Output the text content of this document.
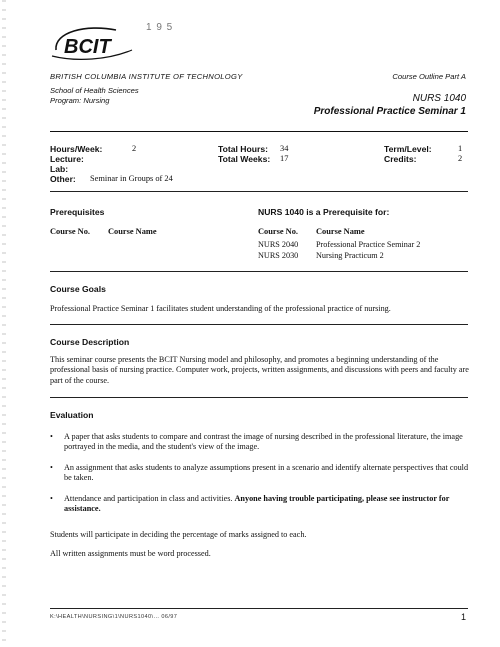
1 9 5
BCIT
BRITISH COLUMBIA INSTITUTE OF TECHNOLOGY
School of Health Sciences
Program: Nursing
Course Outline Part A
NURS 1040
Professional Practice Seminar 1
Hours/Week:	2
Lecture:
Lab:
Other: Seminar in Groups of 24
Total Hours: 34
Total Weeks: 17
Term/Level:	1
Credits:	2
Prerequisites
Course No. Course Name
NURS 1040 is a Prerequisite for:
Course No. Course Name
NURS 2040 Professional Practice Seminar 2
NURS 2030 Nursing Practicum 2
Course Goals
Professional Practice Seminar 1 facilitates student understanding of the professional practice of nursing.
Course Description
This seminar course presents the BCIT Nursing model and philosophy, and promotes a beginning understanding of the professional basis of nursing practice. Computer work, projects, written assignments, and discussions with peers and faculty are part of the course.
Evaluation
• A paper that asks students to compare and contrast the image of nursing described in the professional literature, the image portrayed in the media, and the student's view of the image.
• An assignment that asks students to analyze assumptions present in a scenario and identify alternate perspectives that could be taken.
• Attendance and participation in class and activities. Anyone having trouble participating, please see instructor for assistance.
Students will participate in deciding the percentage of marks assigned to each.
All written assignments must be word processed.
K:\HEALTH\NURSING\1\NURS1040\... 06/97	1
